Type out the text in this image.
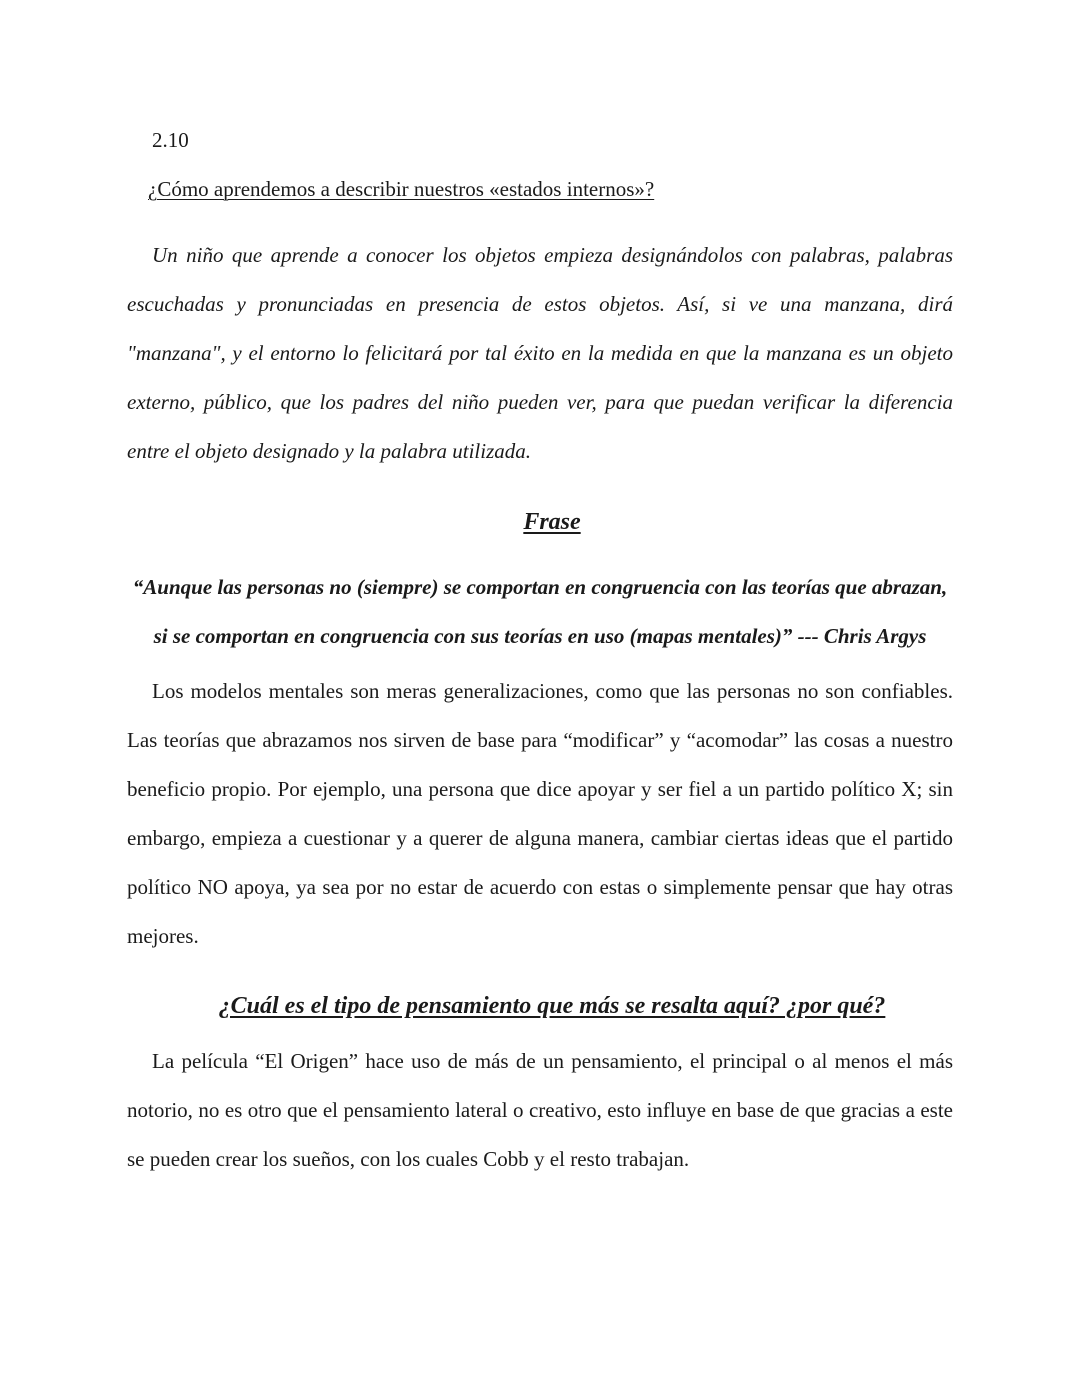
2.10
¿Cómo aprendemos a describir nuestros «estados internos»?

Un niño que aprende a conocer los objetos empieza designándolos con palabras, palabras escuchadas y pronunciadas en presencia de estos objetos. Así, si ve una manzana, dirá "manzana", y el entorno lo felicitará por tal éxito en la medida en que la manzana es un objeto externo, público, que los padres del niño pueden ver, para que puedan verificar la diferencia entre el objeto designado y la palabra utilizada.

Frase

“Aunque las personas no (siempre) se comportan en congruencia con las teorías que abrazan, si se comportan en congruencia con sus teorías en uso (mapas mentales)” --- Chris Argys

Los modelos mentales son meras generalizaciones, como que las personas no son confiables. Las teorías que abrazamos nos sirven de base para “modificar” y “acomodar” las cosas a nuestro beneficio propio. Por ejemplo, una persona que dice apoyar y ser fiel a un partido político X; sin embargo, empieza a cuestionar y a querer de alguna manera, cambiar ciertas ideas que el partido político NO apoya, ya sea por no estar de acuerdo con estas o simplemente pensar que hay otras mejores.

¿Cuál es el tipo de pensamiento que más se resalta aquí? ¿por qué?

La película “El Origen” hace uso de más de un pensamiento, el principal o al menos el más notorio, no es otro que el pensamiento lateral o creativo, esto influye en base de que gracias a este se pueden crear los sueños, con los cuales Cobb y el resto trabajan.
